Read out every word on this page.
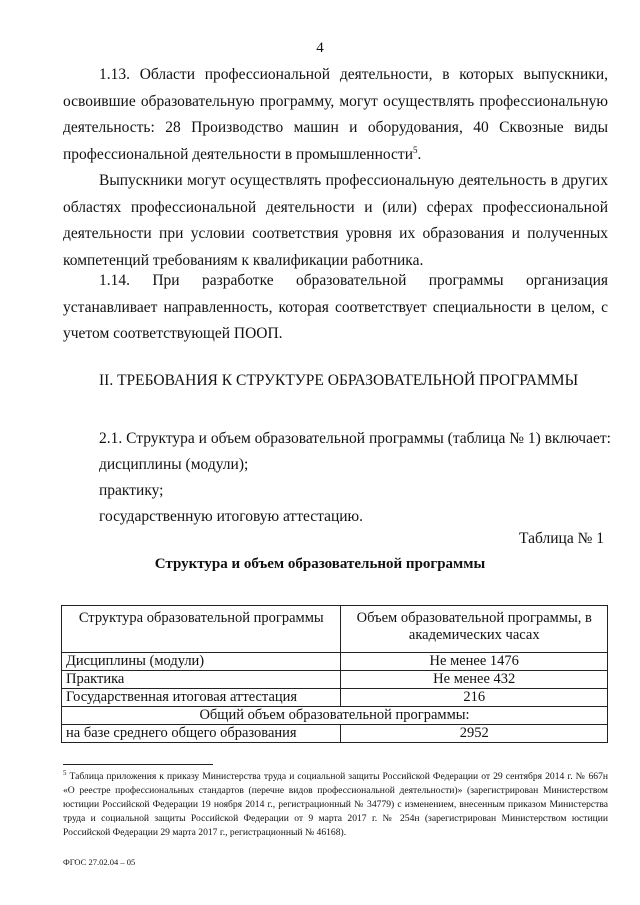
4

1.13. Области профессиональной деятельности, в которых выпускники, освоившие образовательную программу, могут осуществлять профессиональную деятельность: 28 Производство машин и оборудования, 40 Сквозные виды профессиональной деятельности в промышленности$^5$.

Выпускники могут осуществлять профессиональную деятельность в других областях профессиональной деятельности и (или) сферах профессиональной деятельности при условии соответствия уровня их образования и полученных компетенций требованиям к квалификации работника.

1.14. При разработке образовательной программы организация устанавливает направленность, которая соответствует специальности в целом, с учетом соответствующей ПООП.

II. ТРЕБОВАНИЯ К СТРУКТУРЕ ОБРАЗОВАТЕЛЬНОЙ ПРОГРАММЫ
2.1. Структура и объем образовательной программы (таблица № 1) включает:
дисциплины (модули);
практику;
государственную итоговую аттестацию.
Таблица № 1
Структура и объем образовательной программы
Структура образовательной программы	Объем образовательной программы, в академических часах
Дисциплины (модули)	Не менее 1476
Практика	Не менее 432
Государственная итоговая аттестация	216
Общий объем образовательной программы:	
на базе среднего общего образования	2952

$^5$ Таблица приложения к приказу Министерства труда и социальной защиты Российской Федерации от 29 сентября 2014 г. № 667н «О реестре профессиональных стандартов (перечне видов профессиональной деятельности)» (зарегистрирован Министерством юстиции Российской Федерации 19 ноября 2014 г., регистрационный № 34779) с изменением, внесенным приказом Министерства труда и социальной защиты Российской Федерации от 9 марта 2017 г. № 254н (зарегистрирован Министерством юстиции Российской Федерации 29 марта 2017 г., регистрационный № 46168).

ФГОС 27.02.04 – 05
